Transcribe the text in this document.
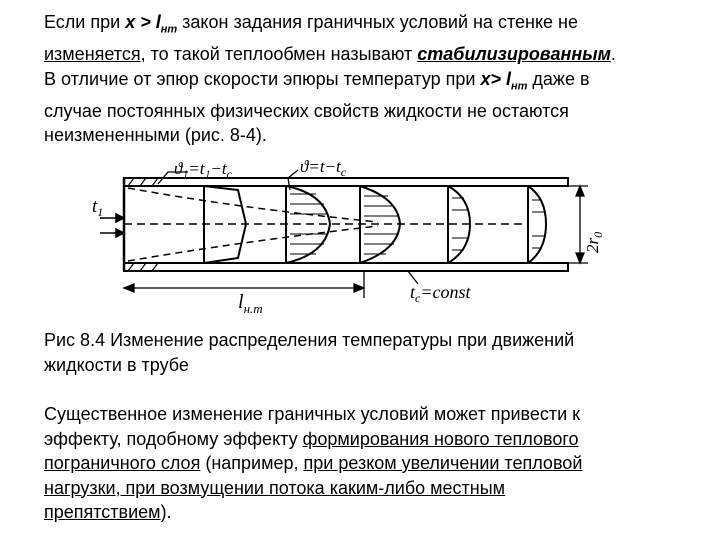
Если при $x > l_{нт}$ закон задания граничных условий на стенке не
изменяется, то такой теплообмен называют стабилизированным.
В отличие от эпюр скорости эпюры температур при $x> l_{нт}$ даже в
случае постоянных физических свойств жидкости не остаются
неизмененными (рис. 8-4).
$ϑ_1=t_1-t_c$	$ϑ=t-t_c$
$t_1$
$l_{н.т}$
$t_c=const$
$2r_0$
Рис 8.4 Изменение распределения температуры при движений
жидкости в трубе
Существенное изменение граничных условий может привести к
эффекту, подобному эффекту формирования нового теплового
пограничного слоя (например, при резком увеличении тепловой
нагрузки, при возмущении потока каким-либо местным
препятствием).
